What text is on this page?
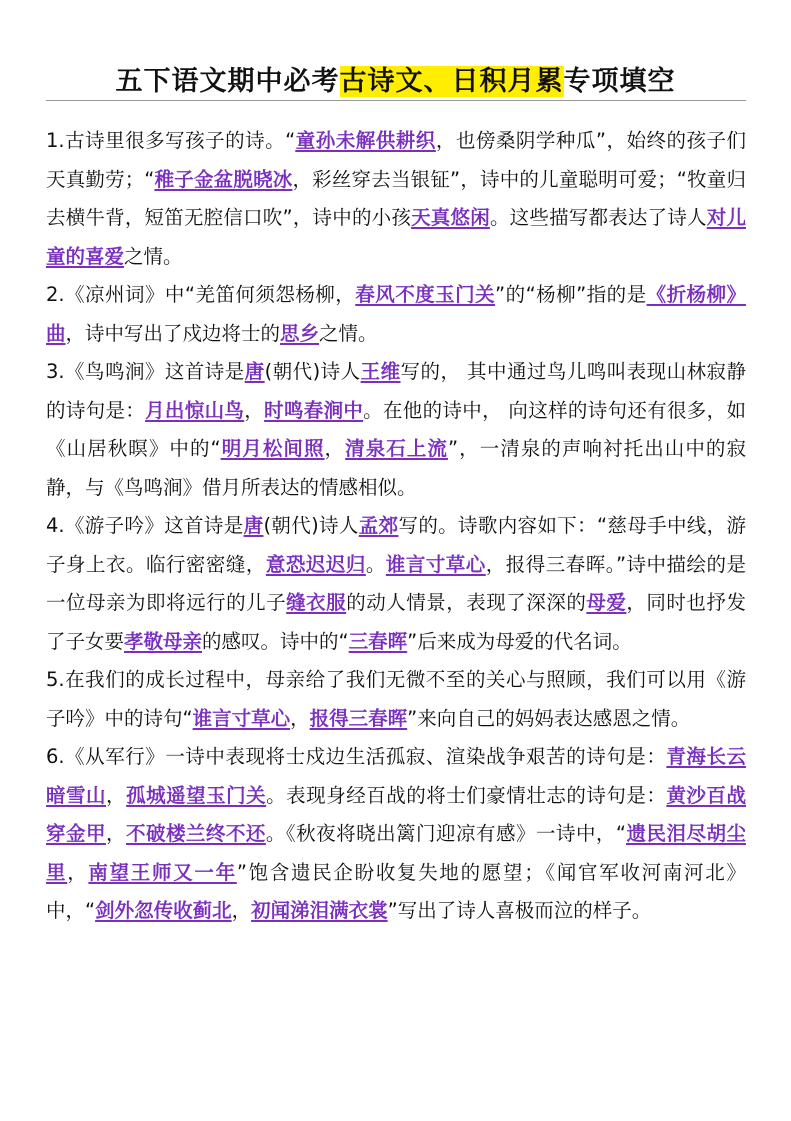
五下语文期中必考古诗文、日积月累专项填空

1.古诗里很多写孩子的诗。“童孙未解供耕织，也傍桑阴学种瓜”，始终的孩子们天真勤劳；“稚子金盆脱晓冰，彩丝穿去当银钲”，诗中的儿童聪明可爱；“牧童归去横牛背，短笛无腔信口吹”，诗中的小孩天真悠闲。这些描写都表达了诗人对儿童的喜爱之情。

2.《凉州词》中“羌笛何须怨杨柳，春风不度玉门关”的“杨柳”指的是《折杨柳》曲，诗中写出了戍边将士的思乡之情。

3.《鸟鸣涧》这首诗是唐(朝代)诗人王维写的， 其中通过鸟儿鸣叫表现山林寂静的诗句是：月出惊山鸟，时鸣春涧中。在他的诗中， 向这样的诗句还有很多，如《山居秋暝》中的“明月松间照，清泉石上流”，一清泉的声响衬托出山中的寂静，与《鸟鸣涧》借月所表达的情感相似。

4.《游子吟》这首诗是唐(朝代)诗人孟郊写的。诗歌内容如下：“慈母手中线，游子身上衣。临行密密缝，意恐迟迟归。谁言寸草心，报得三春晖。”诗中描绘的是一位母亲为即将远行的儿子缝衣服的动人情景，表现了深深的母爱，同时也抒发了子女要孝敬母亲的感叹。诗中的“三春晖”后来成为母爱的代名词。

5.在我们的成长过程中，母亲给了我们无微不至的关心与照顾，我们可以用《游子吟》中的诗句“谁言寸草心，报得三春晖”来向自己的妈妈表达感恩之情。

6.《从军行》一诗中表现将士戍边生活孤寂、渲染战争艰苦的诗句是：青海长云暗雪山，孤城遥望玉门关。表现身经百战的将士们豪情壮志的诗句是：黄沙百战穿金甲，不破楼兰终不还。《秋夜将晓出篱门迎凉有感》一诗中，“遗民泪尽胡尘里，南望王师又一年”饱含遗民企盼收复失地的愿望；《闻官军收河南河北》中，“剑外忽传收蓟北，初闻涕泪满衣裳”写出了诗人喜极而泣的样子。
